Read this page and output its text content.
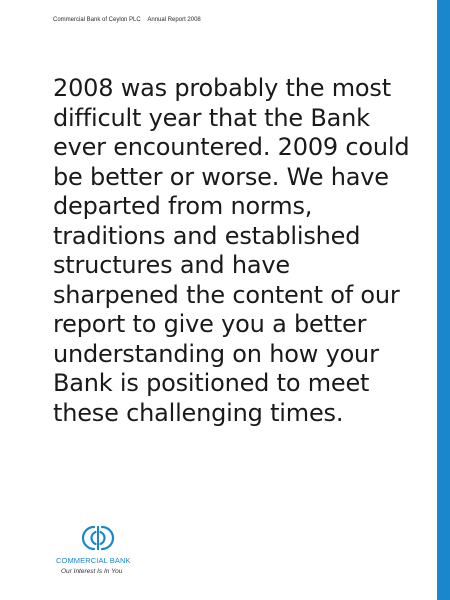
Commercial Bank of Ceylon PLC Annual Report 2008

2008 was probably the most
difficult year that the Bank
ever encountered. 2009 could
be better or worse. We have
departed from norms,
traditions and established
structures and have
sharpened the content of our
report to give you a better
understanding on how your
Bank is positioned to meet
these challenging times.

COMMERCIAL BANK
Our Interest Is In You
